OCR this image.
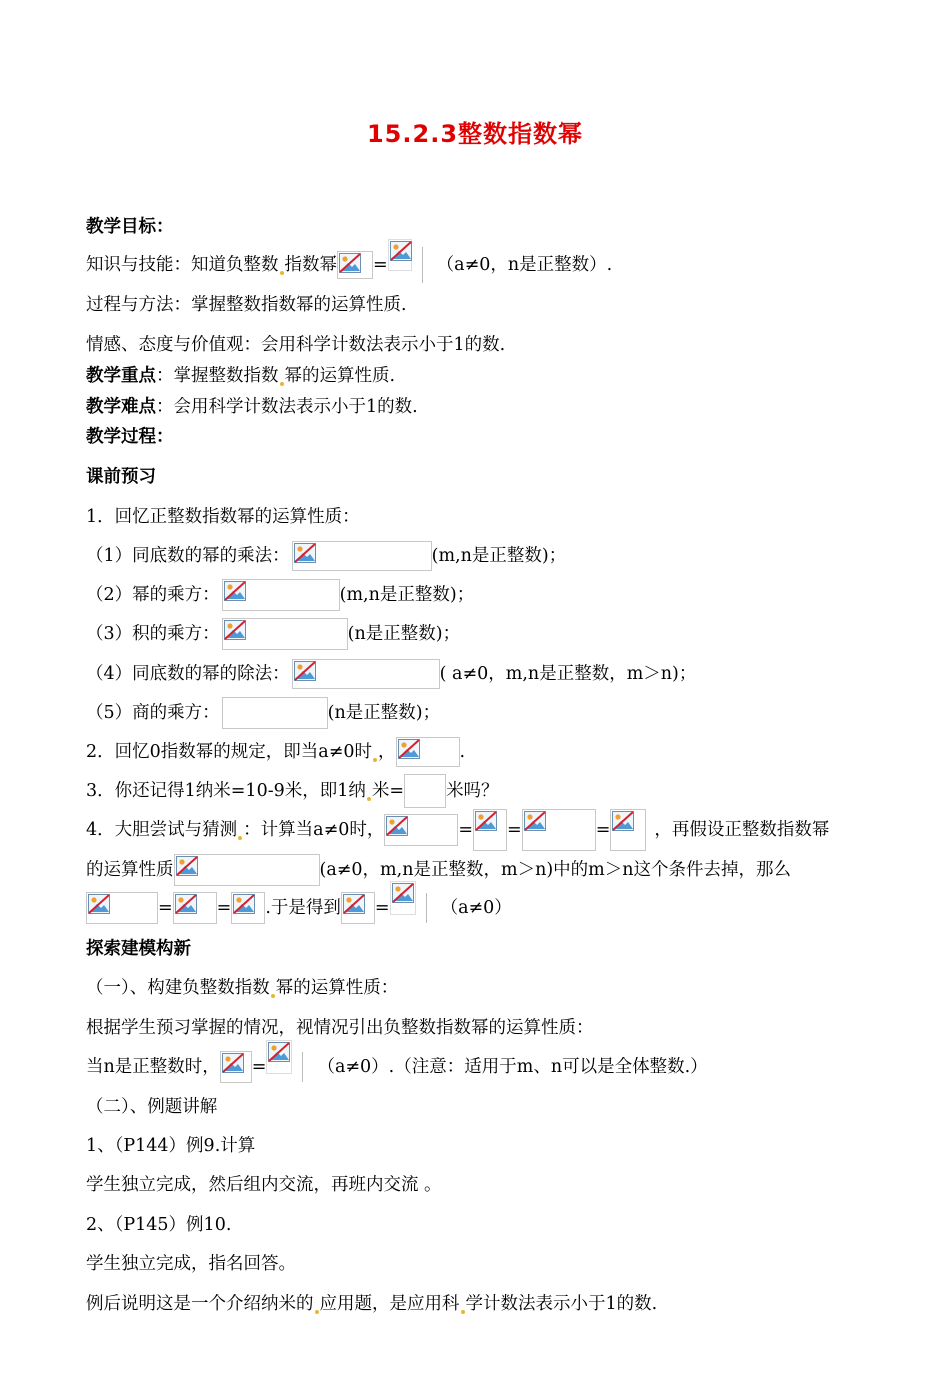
15.2.3整数指数幂
教学目标：
知识与技能：知道负整数 指数幂 =	（a≠0，n是正整数）.
过程与方法：掌握整数指数幂的运算性质.
情感、态度与价值观：会用科学计数法表示小于1的数.
教学重点 ：掌握整数指数 幂的运算性质.
教学难点 ：会用科学计数法表示小于1的数.
教学过程：
课前预习
1．回忆正整数指数幂的运算性质：
（1）同底数的幂的乘法：	(m,n是正整数)；
（2）幂的乘方：	(m,n是正整数)；
（3）积的乘方：	(n是正整数)；
（4）同底数的幂的除法：	( a≠0，m,n是正整数，m＞n)；
（5）商的乘方：	(n是正整数)；
2．回忆0指数幂的规定，即当a≠0时 ，	.
3．你还记得1纳米=10-9米，即1纳 米= 米吗？
4．大胆尝试与猜测 ：计算当a≠0时，	= =	=	，再假设正整数指数幂
的运算性质	(a≠0，m,n是正整数，m＞n)中的m＞n这个条件去掉，那么
=	= .于是得到 =	（a≠0）
探索建模构新
（一）、构建负整数指数 幂的运算性质：
根据学生预习掌握的情况，视情况引出负整数指数幂的运算性质：
当n是正整数时， =	（a≠0）.（注意：适用于m、n可以是全体整数.）
（二）、例题讲解
1、（P144）例9.计算
学生独立完成，然后组内交流，再班内交流 。
2、（P145）例10.
学生独立完成，指名回答。
例后说明这是一个介绍纳米的 应用题，是应用科 学计数法表示小于1的数.
